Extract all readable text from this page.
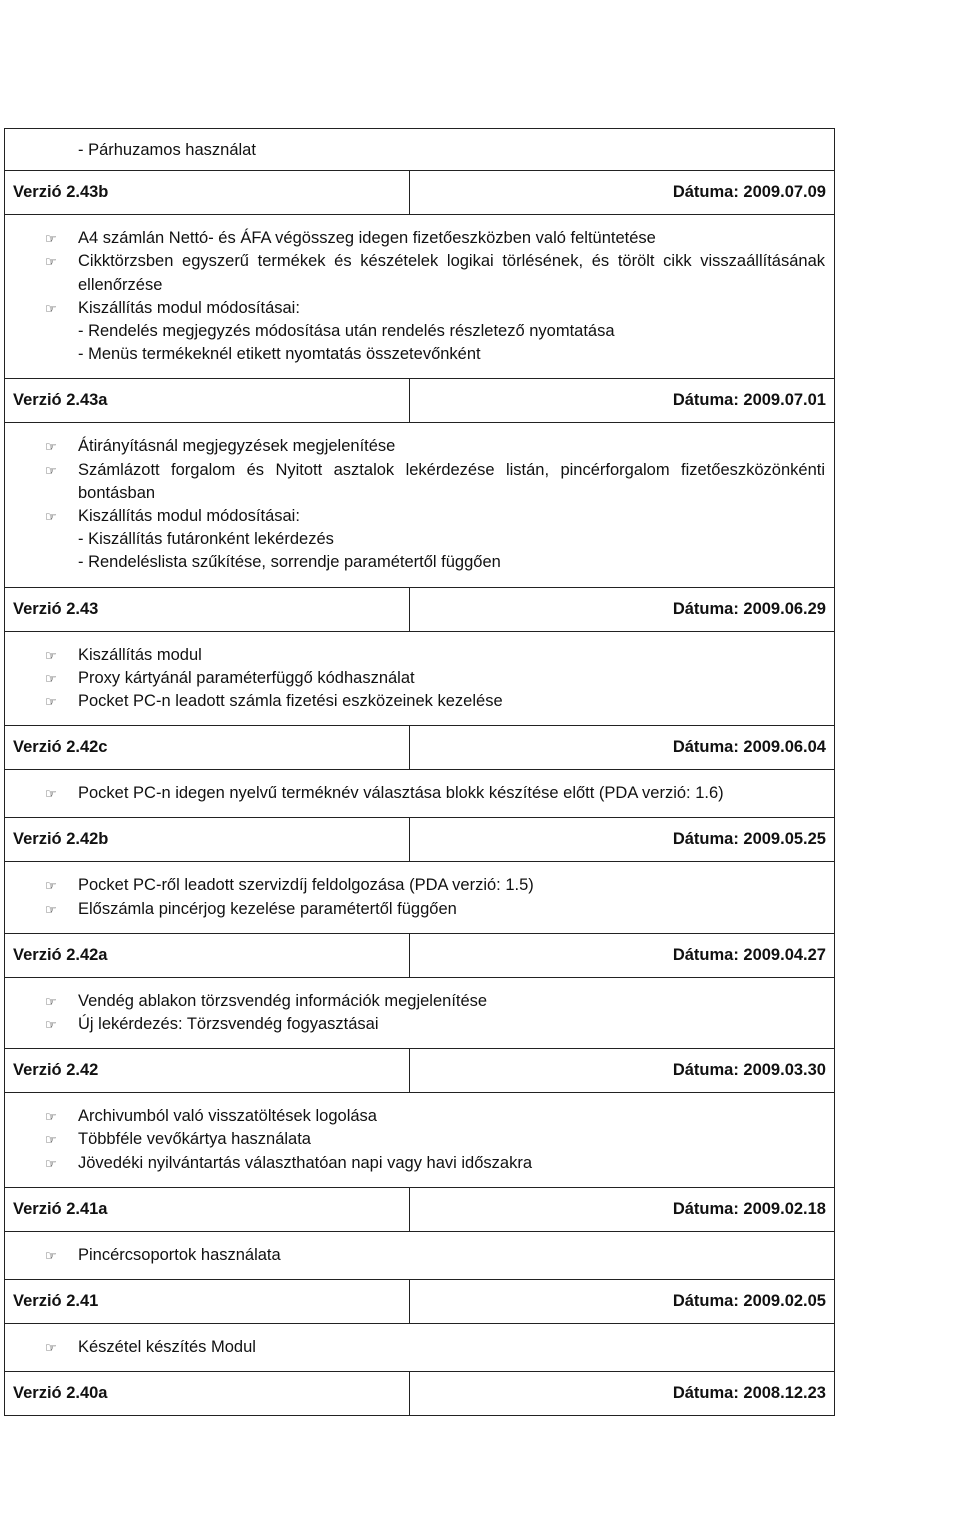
- Párhuzamos használat
Verzió 2.43b	Dátuma: 2009.07.09
☞	A4 számlán Nettó- és ÁFA végösszeg idegen fizetőeszközben való feltüntetése
☞	Cikktörzsben egyszerű termékek és készételek logikai törlésének, és törölt cikk visszaállításának ellenőrzése
☞	Kiszállítás modul módosításai:
- Rendelés megjegyzés módosítása után rendelés részletező nyomtatása
- Menüs termékeknél etikett nyomtatás összetevőnként
Verzió 2.43a	Dátuma: 2009.07.01
☞	Átirányításnál megjegyzések megjelenítése
☞	Számlázott forgalom és Nyitott asztalok lekérdezése listán, pincérforgalom fizetőeszközönkénti bontásban
☞	Kiszállítás modul módosításai:
- Kiszállítás futáronként lekérdezés
- Rendeléslista szűkítése, sorrendje paramétertől függően
Verzió 2.43	Dátuma: 2009.06.29
☞	Kiszállítás modul
☞	Proxy kártyánál paraméterfüggő kódhasználat
☞	Pocket PC-n leadott számla fizetési eszközeinek kezelése
Verzió 2.42c	Dátuma: 2009.06.04
☞	Pocket PC-n idegen nyelvű terméknév választása blokk készítése előtt (PDA verzió: 1.6)
Verzió 2.42b	Dátuma: 2009.05.25
☞	Pocket PC-ről leadott szervizdíj feldolgozása (PDA verzió: 1.5)
☞	Előszámla pincérjog kezelése paramétertől függően
Verzió 2.42a	Dátuma: 2009.04.27
☞	Vendég ablakon törzsvendég információk megjelenítése
☞	Új lekérdezés: Törzsvendég fogyasztásai
Verzió 2.42	Dátuma: 2009.03.30
☞	Archivumból való visszatöltések logolása
☞	Többféle vevőkártya használata
☞	Jövedéki nyilvántartás választhatóan napi vagy havi időszakra
Verzió 2.41a	Dátuma: 2009.02.18
☞	Pincércsoportok használata
Verzió 2.41	Dátuma: 2009.02.05
☞	Készétel készítés Modul
Verzió 2.40a	Dátuma: 2008.12.23
